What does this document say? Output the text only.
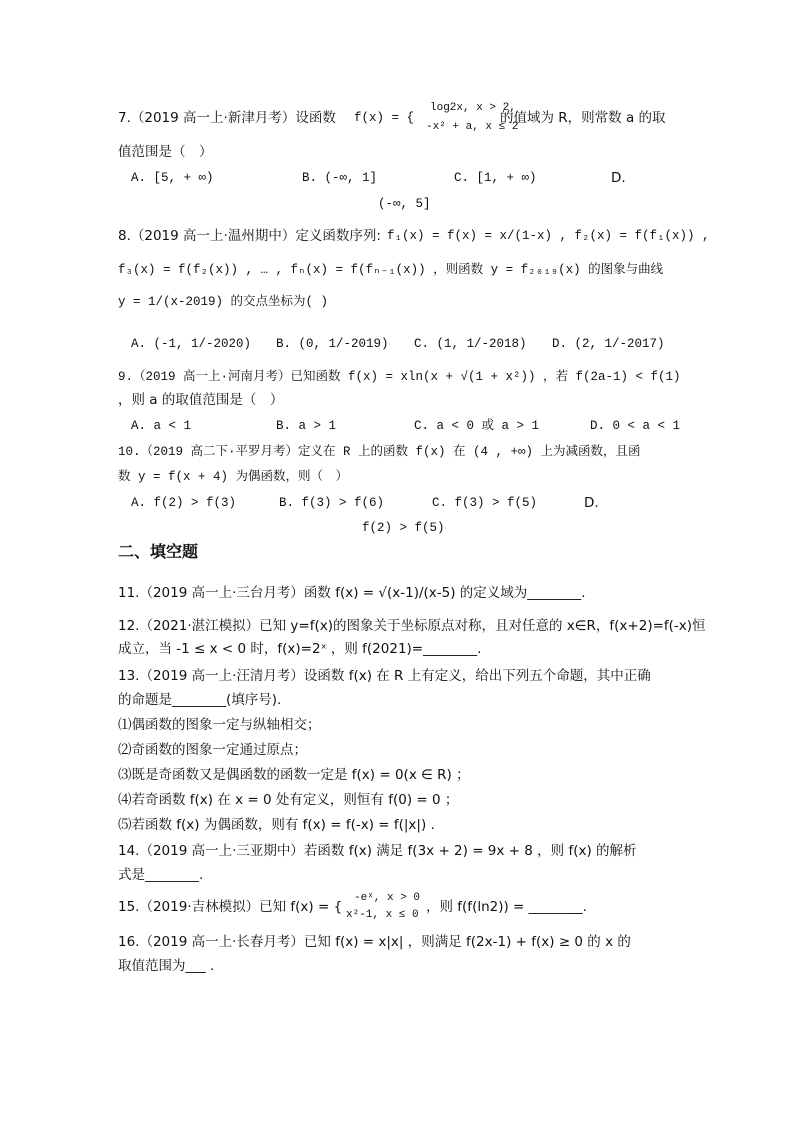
7.（2019 高一上·新津月考）设函数 f(x) = {
log2x, x > 2,
-x² + a, x ≤ 2
的值域为 R，则常数 a 的取
值范围是（　）
A. [5, + ∞)	B. (-∞, 1]	C. [1, + ∞)	D.
(-∞, 5]
8.（2019 高一上·温州期中）定义函数序列: f₁(x) = f(x) = x/(1-x) , f₂(x) = f(f₁(x)) ,
f₃(x) = f(f₂(x)) , … , fₙ(x) = f(fₙ₋₁(x)) ，则函数 y = f₂₀₁₉(x) 的图象与曲线
y = 1/(x-2019) 的交点坐标为( )
A. (-1, 1/-2020) B. (0, 1/-2019) C. (1, 1/-2018) D. (2, 1/-2017)
9.（2019 高一上·河南月考）已知函数 f(x) = xln(x + √(1 + x²)) ，若 f(2a-1) < f(1)
，则 a 的取值范围是（　）
A. a < 1	B. a > 1	C. a < 0 或 a > 1	D. 0 < a < 1
10.（2019 高二下·平罗月考）定义在 R 上的函数 f(x) 在 (4 , +∞) 上为减函数，且函
数 y = f(x + 4) 为偶函数，则（　）
A. f(2) > f(3)	B. f(3) > f(6)	C. f(3) > f(5)	D.
f(2) > f(5)
二、填空题
11.（2019 高一上·三台月考）函数 f(x) = √(x-1)/(x-5) 的定义域为________.
12.（2021·湛江模拟）已知 y=f(x)的图象关于坐标原点对称，且对任意的 x∈R，f(x+2)=f(-x)恒
成立，当 -1 ≤ x < 0 时，f(x)=2ˣ ，则 f(2021)=________.
13.（2019 高一上·汪清月考）设函数 f(x) 在 R 上有定义，给出下列五个命题，其中正确
的命题是________(填序号).
⑴偶函数的图象一定与纵轴相交；
⑵奇函数的图象一定通过原点；
⑶既是奇函数又是偶函数的函数一定是 f(x) = 0(x ∈ R) ；
⑷若奇函数 f(x) 在 x = 0 处有定义，则恒有 f(0) = 0 ；
⑸若函数 f(x) 为偶函数，则有 f(x) = f(-x) = f(|x|) .
14.（2019 高一上·三亚期中）若函数 f(x) 满足 f(3x + 2) = 9x + 8 ，则 f(x) 的解析
式是________.
15.（2019·吉林模拟）已知 f(x) = {
-eˣ, x > 0
x²-1, x ≤ 0 ，则 f(f(ln2)) = ________.
16.（2019 高一上·长春月考）已知 f(x) = x|x| ，则满足 f(2x-1) + f(x) ≥ 0 的 x 的
取值范围为___ .
